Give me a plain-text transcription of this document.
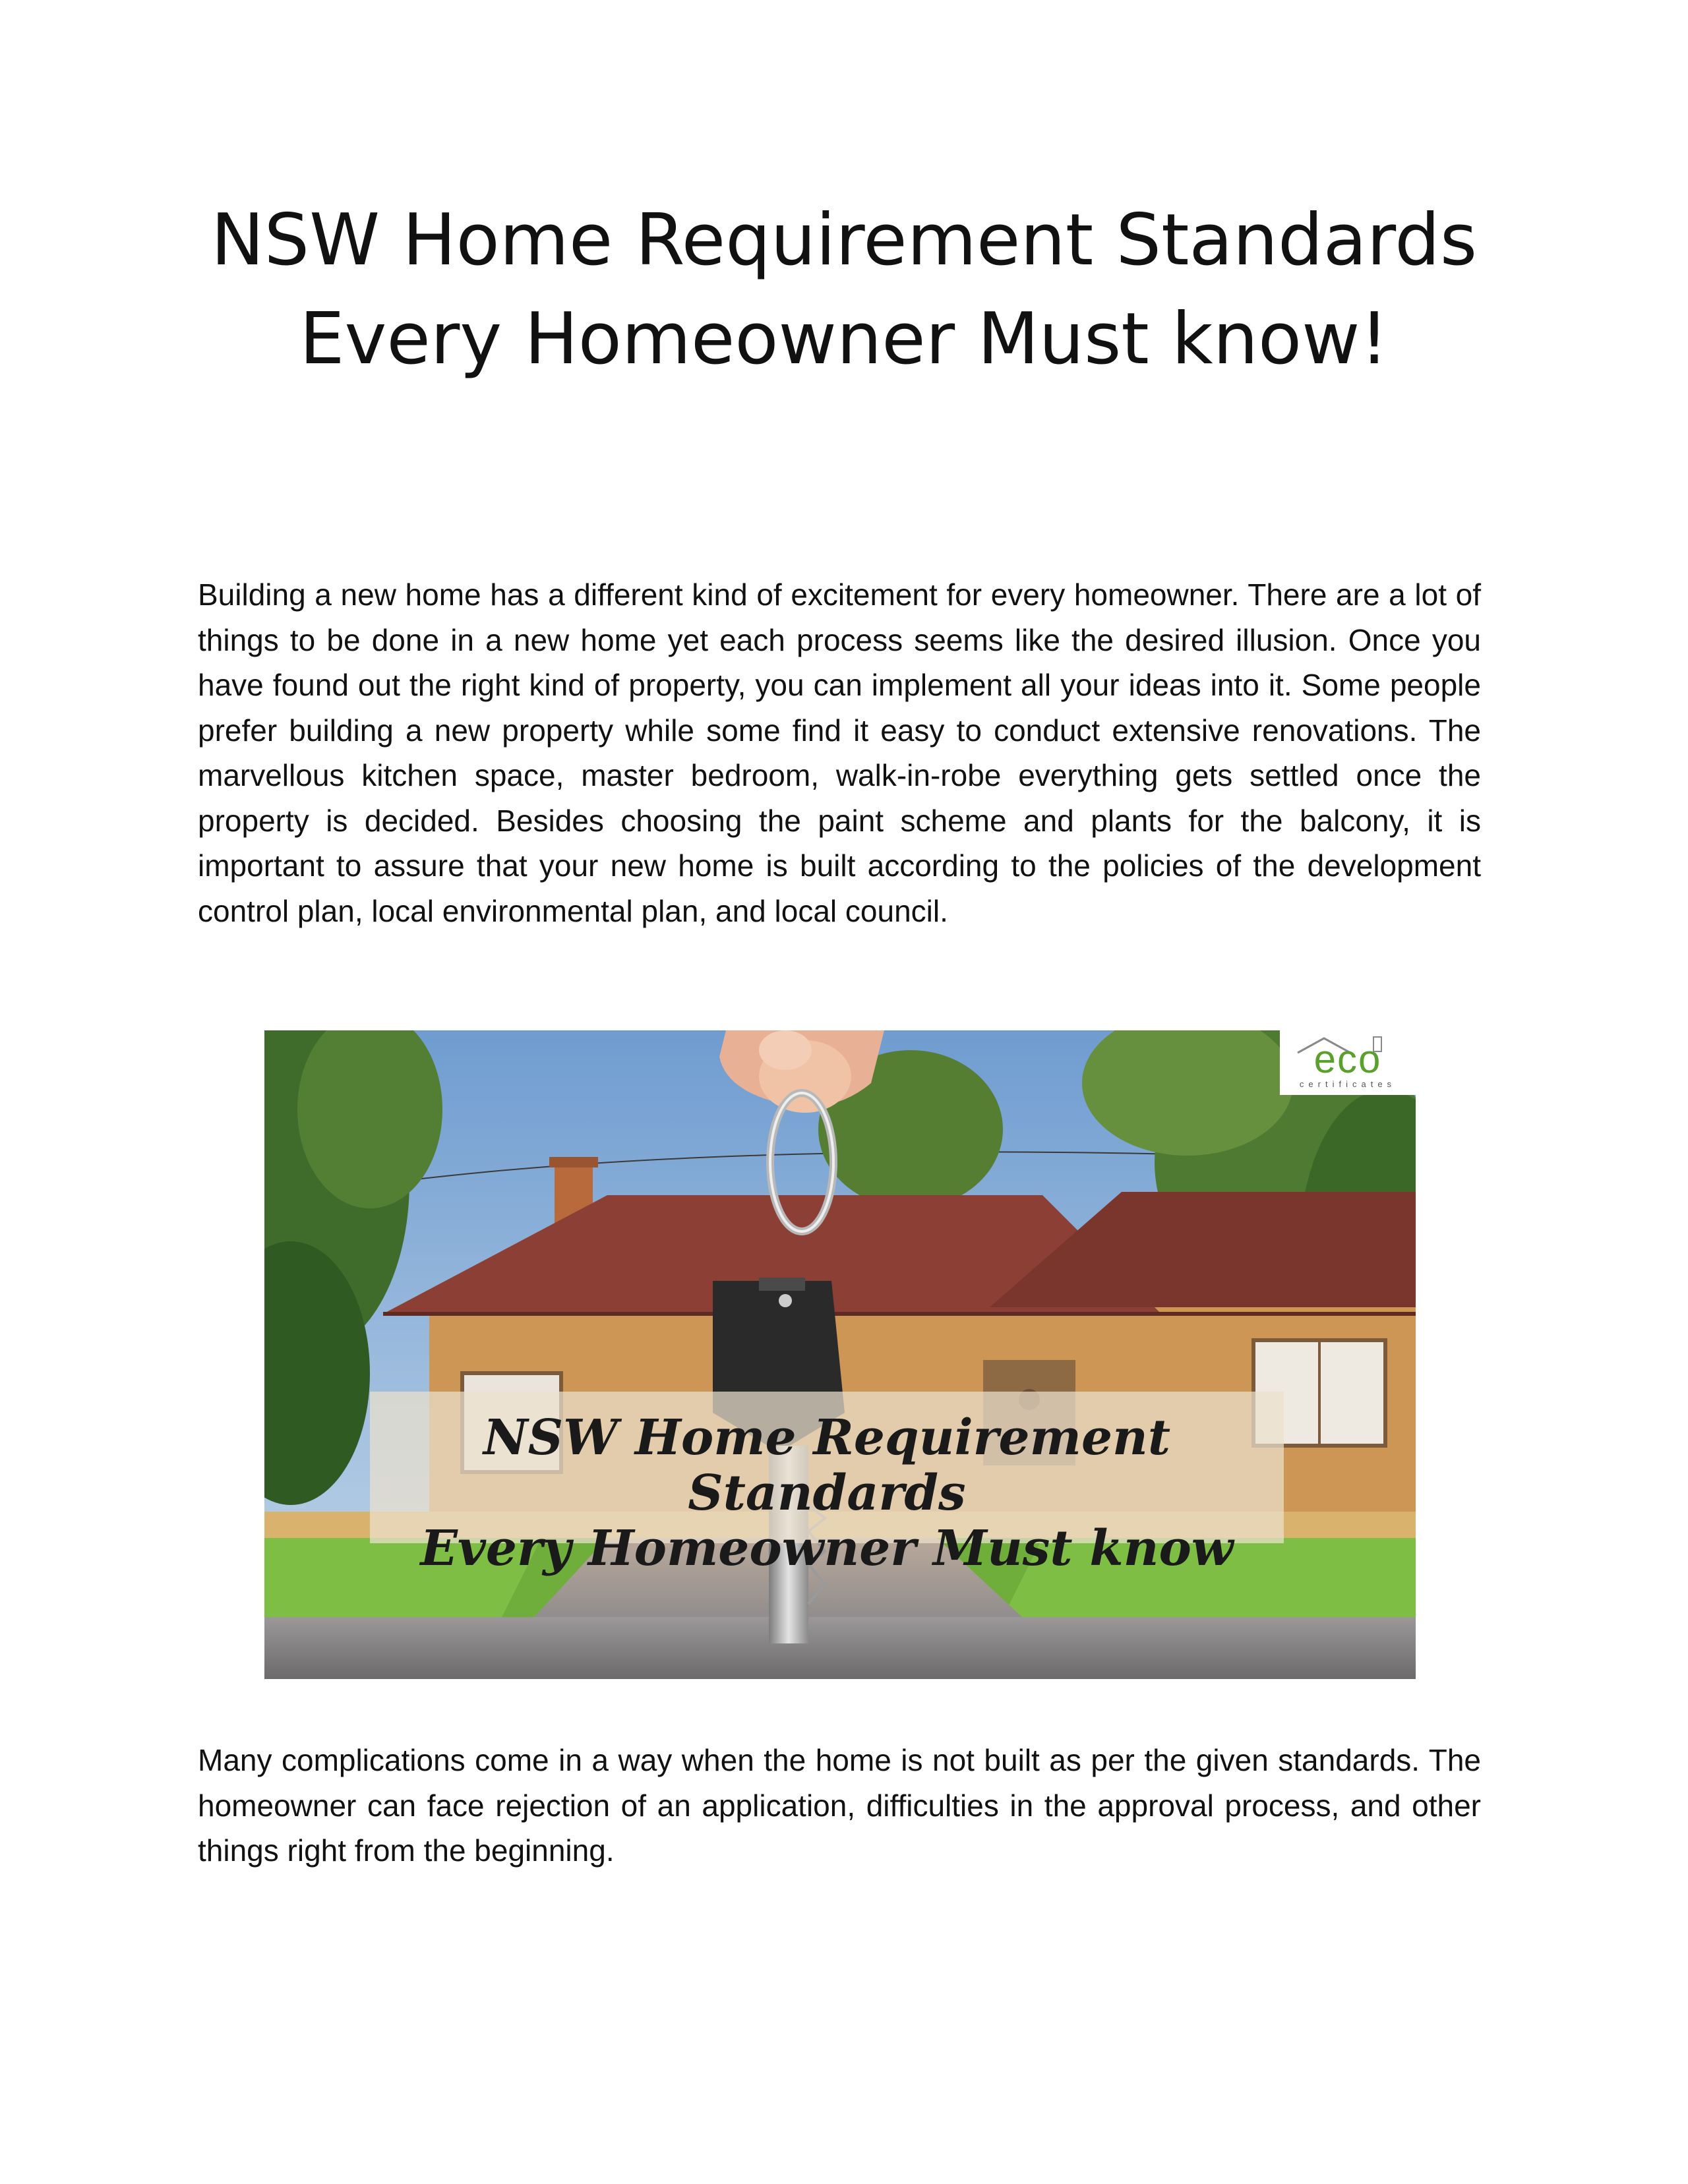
NSW Home Requirement Standards Every Homeowner Must know!

Building a new home has a different kind of excitement for every homeowner. There are a lot of things to be done in a new home yet each process seems like the desired illusion. Once you have found out the right kind of property, you can implement all your ideas into it. Some people prefer building a new property while some find it easy to conduct extensive renovations. The marvellous kitchen space, master bedroom, walk-in-robe everything gets settled once the property is decided. Besides choosing the paint scheme and plants for the balcony, it is important to assure that your new home is built according to the policies of the development control plan, local environmental plan, and local council.

NSW Home Requirement Standards
Every Homeowner Must know
eco
certificates

Many complications come in a way when the home is not built as per the given standards. The homeowner can face rejection of an application, difficulties in the approval process, and other things right from the beginning.
